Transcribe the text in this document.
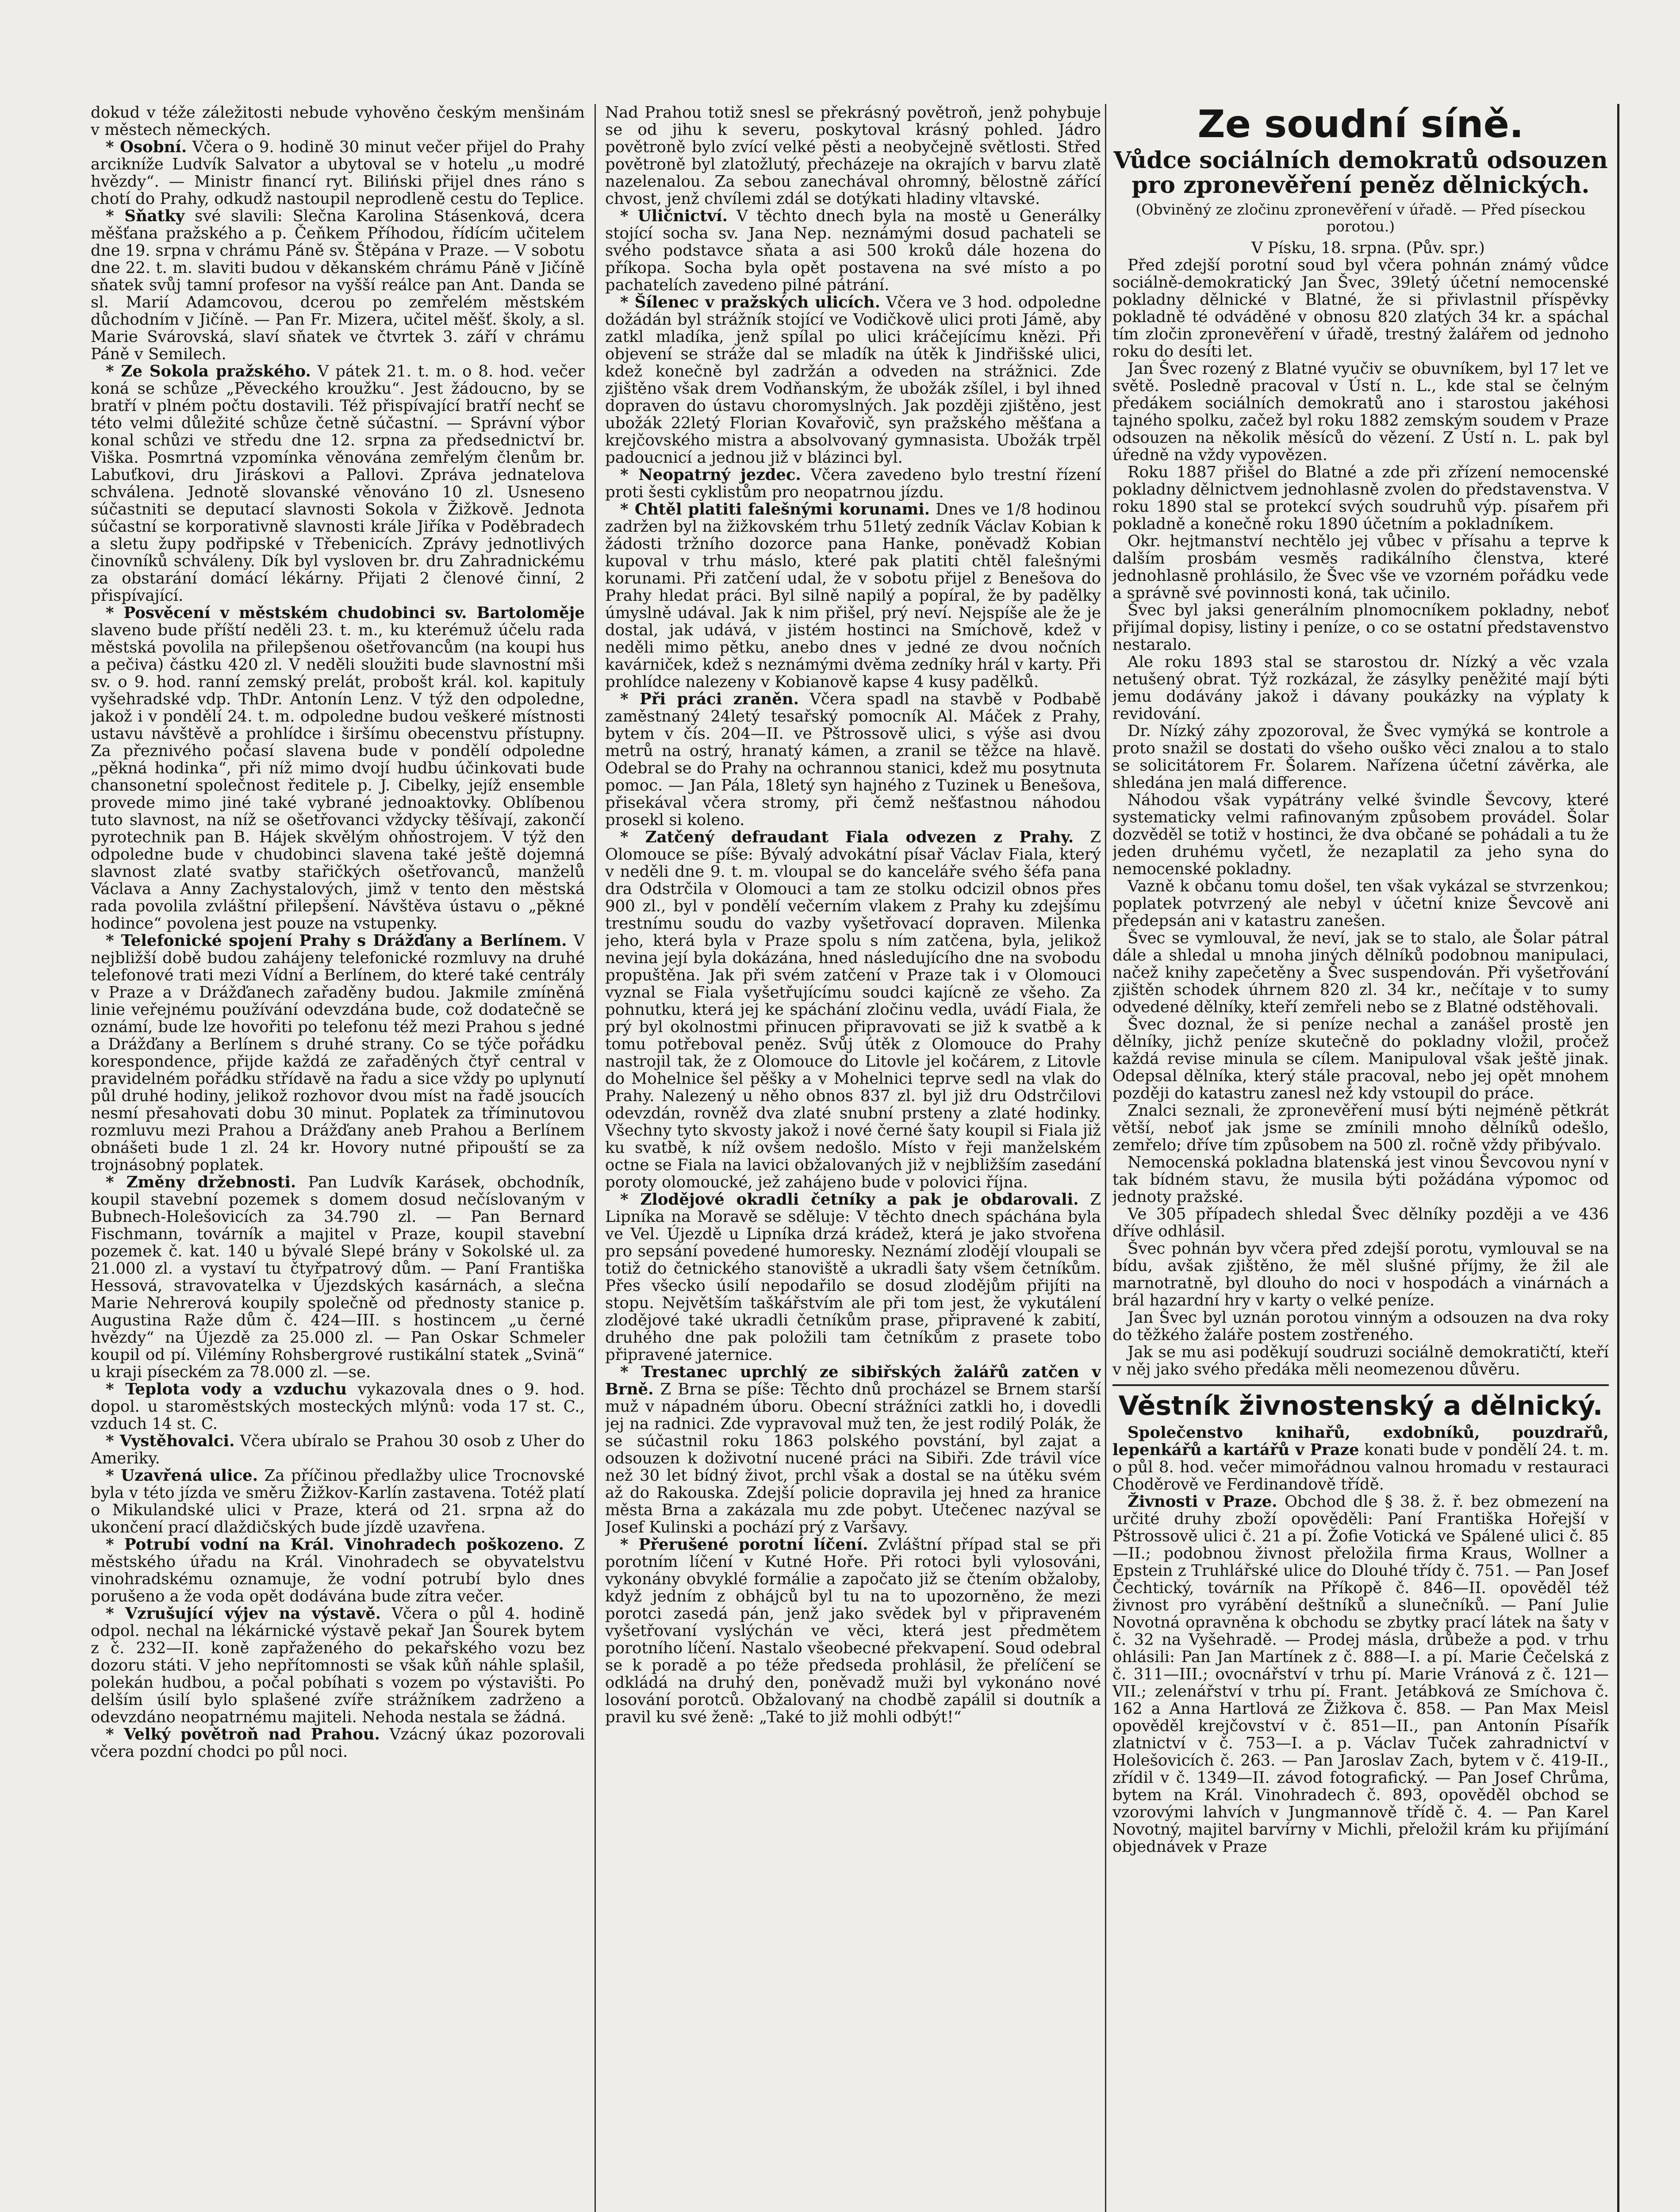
dokud v téže záležitosti nebude vyhověno českým menšinám v městech německých.

* Osobní. Včera o 9. hodině 30 minut večer přijel do Prahy arcikníže Ludvík Salvator a ubytoval se v hotelu „u modré hvězdy“. — Ministr financí ryt. Biliński přijel dnes ráno s chotí do Prahy, odkudž nastoupil neprodleně cestu do Teplice.

* Sňatky své slavili: Slečna Karolina Stásenková, dcera měšťana pražského a p. Čeňkem Příhodou, řídícím učitelem dne 19. srpna v chrámu Páně sv. Štěpána v Praze. — V sobotu dne 22. t. m. slaviti budou v děkanském chrámu Páně v Jičíně sňatek svůj tamní profesor na vyšší reálce pan Ant. Danda se sl. Marií Adamcovou, dcerou po zemřelém městském důchodním v Jičíně. — Pan Fr. Mizera, učitel měšť. školy, a sl. Marie Svárovská, slaví sňatek ve čtvrtek 3. září v chrámu Páně v Semilech.

* Ze Sokola pražského. V pátek 21. t. m. o 8. hod. večer koná se schůze „Pěveckého kroužku“. Jest žádoucno, by se bratří v plném počtu dostavili. Též přispívající bratří nechť se této velmi důležité schůze četně súčastní. — Správní výbor konal schůzi ve středu dne 12. srpna za předsednictví br. Viška. Posmrtná vzpomínka věnována zemřelým členům br. Labuťkovi, dru Jiráskovi a Pallovi. Zpráva jednatelova schválena. Jednotě slovanské věnováno 10 zl. Usneseno súčastniti se deputací slavnosti Sokola v Žižkově. Jednota súčastní se korporativně slavnosti krále Jiříka v Poděbradech a sletu župy podřipské v Třebenicích. Zprávy jednotlivých činovníků schváleny. Dík byl vysloven br. dru Zahradnickému za obstarání domácí lékárny. Přijati 2 členové činní, 2 přispívající.

* Posvěcení v městském chudobinci sv. Bartoloměje slaveno bude příští neděli 23. t. m., ku kterémuž účelu rada městská povolila na přilepšenou ošetřovancům (na koupi hus a pečiva) částku 420 zl. V neděli sloužiti bude slavnostní mši sv. o 9. hod. ranní zemský prelát, probošt král. kol. kapituly vyšehradské vdp. ThDr. Antonín Lenz. V týž den odpoledne, jakož i v pondělí 24. t. m. odpoledne budou veškeré místnosti ustavu návštěvě a prohlídce i širšímu obecenstvu přístupny. Za přeznivého počasí slavena bude v pondělí odpoledne „pěkná hodinka“, při níž mimo dvojí hudbu účinkovati bude chansonetní společnost ředitele p. J. Cibelky, jejíž ensemble provede mimo jiné také vybrané jednoaktovky. Oblíbenou tuto slavnost, na níž se ošetřovanci vždycky těšívají, zakončí pyrotechnik pan B. Hájek skvělým ohňostrojem. V týž den odpoledne bude v chudobinci slavena také ještě dojemná slavnost zlaté svatby stařičkých ošetřovanců, manželů Václava a Anny Zachystalových, jimž v tento den městská rada povolila zvláštní přilepšení. Návštěva ústavu o „pěkné hodince“ povolena jest pouze na vstupenky.

* Telefonické spojení Prahy s Drážďany a Berlínem. V nejbližší době budou zahájeny telefonické rozmluvy na druhé telefonové trati mezi Vídní a Berlínem, do které také centrály v Praze a v Drážďanech zařaděny budou. Jakmile zmíněná linie veřejnému používání odevzdána bude, což dodatečně se oznámí, bude lze hovořiti po telefonu též mezi Prahou s jedné a Drážďany a Berlínem s druhé strany. Co se týče pořádku korespondence, přijde každá ze zařaděných čtyř central v pravidelném pořádku střídavě na řadu a sice vždy po uplynutí půl druhé hodiny, jelikož rozhovor dvou míst na řadě jsoucích nesmí přesahovati dobu 30 minut. Poplatek za tříminutovou rozmluvu mezi Prahou a Drážďany aneb Prahou a Berlínem obnášeti bude 1 zl. 24 kr. Hovory nutné připouští se za trojnásobný poplatek.

* Změny držebnosti. Pan Ludvík Karásek, obchodník, koupil stavební pozemek s domem dosud nečíslovaným v Bubnech-Holešovicích za 34.790 zl. — Pan Bernard Fischmann, továrník a majitel v Praze, koupil stavební pozemek č. kat. 140 u bývalé Slepé brány v Sokolské ul. za 21.000 zl. a vystaví tu čtyřpatrový dům. — Paní Františka Hessová, stravovatelka v Újezdských kasárnách, a slečna Marie Nehrerová koupily společně od přednosty stanice p. Augustina Raže dům č. 424—III. s hostincem „u černé hvězdy“ na Újezdě za 25.000 zl. — Pan Oskar Schmeler koupil od pí. Vilémíny Rohsbergrové rustikální statek „Svinä“ u kraji píseckém za 78.000 zl. —se.

* Teplota vody a vzduchu vykazovala dnes o 9. hod. dopol. u staroměstských mosteckých mlýnů: voda 17 st. C., vzduch 14 st. C.

* Vystěhovalci. Včera ubíralo se Prahou 30 osob z Uher do Ameriky.

* Uzavřená ulice. Za příčinou předlažby ulice Trocnovské byla v této jízda ve směru Žižkov-Karlín zastavena. Totéž platí o Mikulandské ulici v Praze, která od 21. srpna až do ukončení prací dlaždičských bude jízdě uzavřena.

* Potrubí vodní na Král. Vinohradech poškozeno. Z městského úřadu na Král. Vinohradech se obyvatelstvu vinohradskému oznamuje, že vodní potrubí bylo dnes porušeno a že voda opět dodávána bude zítra večer.

* Vzrušující výjev na výstavě. Včera o půl 4. hodině odpol. nechal na lékárnické výstavě pekař Jan Šourek bytem z č. 232—II. koně zapřaženého do pekařského vozu bez dozoru státi. V jeho nepřítomnosti se však kůň náhle splašil, polekán hudbou, a počal pobíhati s vozem po výstavišti. Po delším úsilí bylo splašené zvíře strážníkem zadrženo a odevzdáno neopatrnému majiteli. Nehoda nestala se žádná.

* Velký povětroň nad Prahou. Vzácný úkaz pozorovali včera pozdní chodci po půl noci.

Nad Prahou totiž snesl se překrásný povětroň, jenž pohybuje se od jihu k severu, poskytoval krásný pohled. Jádro povětroně bylo zvící velké pěsti a neobyčejně světlosti. Střed povětroně byl zlatožlutý, přecházeje na okrajích v barvu zlatě nazelenalou. Za sebou zanechával ohromný, bělostně zářící chvost, jenž chvílemi zdál se dotýkati hladiny vltavské.

* Uličnictví. V těchto dnech byla na mostě u Generálky stojící socha sv. Jana Nep. neznámými dosud pachateli se svého podstavce sňata a asi 500 kroků dále hozena do příkopa. Socha byla opět postavena na své místo a po pachatelích zavedeno pilné pátrání.

* Šílenec v pražských ulicích. Včera ve 3 hod. odpoledne dožádán byl strážník stojící ve Vodičkově ulici proti Jámě, aby zatkl mladíka, jenž spílal po ulici kráčejícímu knězi. Při objevení se stráže dal se mladík na útěk k Jindřišské ulici, kdež konečně byl zadržán a odveden na strážnici. Zde zjištěno však drem Vodňanským, že ubožák zšílel, i byl ihned dopraven do ústavu choromyslných. Jak později zjištěno, jest ubožák 22letý Florian Kovařovič, syn pražského měšťana a krejčovského mistra a absolvovaný gymnasista. Ubožák trpěl padoucnicí a jednou již v blázinci byl.

* Neopatrný jezdec. Včera zavedeno bylo trestní řízení proti šesti cyklistům pro neopatrnou jízdu.

* Chtěl platiti falešnými korunami. Dnes ve 1/8 hodinou zadržen byl na žižkovském trhu 51letý zedník Václav Kobian k žádosti tržního dozorce pana Hanke, poněvadž Kobian kupoval v trhu máslo, které pak platiti chtěl falešnými korunami. Při zatčení udal, že v sobotu přijel z Benešova do Prahy hledat práci. Byl silně napilý a popíral, že by padělky úmyslně udával. Jak k nim přišel, prý neví. Nejspíše ale že je dostal, jak udává, v jistém hostinci na Smíchově, kdež v neděli mimo pětku, anebo dnes v jedné ze dvou nočních kavárniček, kdež s neznámými dvěma zedníky hrál v karty. Při prohlídce nalezeny v Kobianově kapse 4 kusy padělků.

* Při práci zraněn. Včera spadl na stavbě v Podbabě zaměstnaný 24letý tesařský pomocník Al. Máček z Prahy, bytem v čís. 204—II. ve Pštrossově ulici, s výše asi dvou metrů na ostrý, hranatý kámen, a zranil se těžce na hlavě. Odebral se do Prahy na ochrannou stanici, kdež mu posytnuta pomoc. — Jan Pála, 18letý syn hajného z Tuzinek u Benešova, přisekával včera stromy, při čemž nešťastnou náhodou prosekl si koleno.

* Zatčený defraudant Fiala odvezen z Prahy. Z Olomouce se píše: Bývalý advokátní písař Václav Fiala, který v neděli dne 9. t. m. vloupal se do kanceláře svého šéfa pana dra Odstrčila v Olomouci a tam ze stolku odcizil obnos přes 900 zl., byl v pondělí večerním vlakem z Prahy ku zdejšímu trestnímu soudu do vazby vyšetřovací dopraven. Milenka jeho, která byla v Praze spolu s ním zatčena, byla, jelikož nevina její byla dokázána, hned následujícího dne na svobodu propuštěna. Jak při svém zatčení v Praze tak i v Olomouci vyznal se Fiala vyšetřujícímu soudci kajícně ze všeho. Za pohnutku, která jej ke spáchání zločinu vedla, uvádí Fiala, že prý byl okolnostmi přinucen připravovati se již k svatbě a k tomu potřeboval peněz. Svůj útěk z Olomouce do Prahy nastrojil tak, že z Olomouce do Litovle jel kočárem, z Litovle do Mohelnice šel pěšky a v Mohelnici teprve sedl na vlak do Prahy. Nalezený u něho obnos 837 zl. byl již dru Odstrčilovi odevzdán, rovněž dva zlaté snubní prsteny a zlaté hodinky. Všechny tyto skvosty jakož i nové černé šaty koupil si Fiala již ku svatbě, k níž ovšem nedošlo. Místo v řeji manželském octne se Fiala na lavici obžalovaných již v nejbližším zasedání poroty olomoucké, jež zahájeno bude v polovici října.

* Zlodějové okradli četníky a pak je obdarovali. Z Lipníka na Moravě se sděluje: V těchto dnech spáchána byla ve Vel. Újezdě u Lipníka drzá krádež, která je jako stvořena pro sepsání povedené humoresky. Neznámí zlodějí vloupali se totiž do četnického stanoviště a ukradli šaty všem četníkům. Přes všecko úsilí nepodařilo se dosud zlodějům přijíti na stopu. Největším taškářstvím ale při tom jest, že vykutálení zlodějové také ukradli četníkům prase, připravené k zabití, druhého dne pak položili tam četníkům z prasete tobo připravené jaternice.

* Trestanec uprchlý ze sibiřských žalářů zatčen v Brně. Z Brna se píše: Těchto dnů procházel se Brnem starší muž v nápadném úboru. Obecní strážníci zatkli ho, i dovedli jej na radnici. Zde vypravoval muž ten, že jest rodilý Polák, že se súčastnil roku 1863 polského povstání, byl zajat a odsouzen k doživotní nucené práci na Sibiři. Zde trávil více než 30 let bídný život, prchl však a dostal se na útěku svém až do Rakouska. Zdejší policie dopravila jej hned za hranice města Brna a zakázala mu zde pobyt. Utečenec nazýval se Josef Kulinski a pochází prý z Varšavy.

* Přerušené porotní líčení. Zvláštní případ stal se při porotním líčení v Kutné Hoře. Při rotoci byli vylosováni, vykonány obvyklé formálie a započato již se čtením obžaloby, když jedním z obhájců byl tu na to upozorněno, že mezi porotci zasedá pán, jenž jako svědek byl v připraveném vyšetřovaní vyslýchán ve věci, která jest předmětem porotního líčení. Nastalo všeobecné překvapení. Soud odebral se k poradě a po téže předseda prohlásil, že přelíčení se odkládá na druhý den, poněvadž muži byl vykonáno nové losování porotců. Obžalovaný na chodbě zapálil si doutník a pravil ku své ženě: „Také to již mohli odbýt!“

Ze soudní síně.
Vůdce sociálních demokratů odsouzen pro zpronevěření peněz dělnických.
(Obviněný ze zločinu zpronevěření v úřadě. — Před píseckou porotou.)

V Písku, 18. srpna. (Pův. spr.)

Před zdejší porotní soud byl včera pohnán známý vůdce sociálně-demokratický Jan Švec, 39letý účetní nemocenské pokladny dělnické v Blatné, že si přivlastnil příspěvky pokladně té odváděné v obnosu 820 zlatých 34 kr. a spáchal tím zločin zpronevěření v úřadě, trestný žalářem od jednoho roku do desíti let.

Jan Švec rozený z Blatné vyučiv se obuvníkem, byl 17 let ve světě. Posledně pracoval v Ústí n. L., kde stal se čelným předákem sociálních demokratů ano i starostou jakéhosi tajného spolku, začež byl roku 1882 zemským soudem v Praze odsouzen na několik měsíců do vězení. Z Ústí n. L. pak byl úředně na vždy vypovězen.

Roku 1887 přišel do Blatné a zde při zřízení nemocenské pokladny dělnictvem jednohlasně zvolen do představenstva. V roku 1890 stal se protekcí svých soudruhů výp. písařem při pokladně a konečně roku 1890 účetním a pokladníkem.

Okr. hejtmanství nechtělo jej vůbec v přísahu a teprve k dalším prosbám vesměs radikálního členstva, které jednohlasně prohlásilo, že Švec vše ve vzorném pořádku vede a správně své povinnosti koná, tak učinilo.

Švec byl jaksi generálním plnomocníkem pokladny, neboť přijímal dopisy, listiny i peníze, o co se ostatní představenstvo nestaralo.

Ale roku 1893 stal se starostou dr. Nízký a věc vzala netušený obrat. Týž rozkázal, že zásylky peněžité mají býti jemu dodávány jakož i dávany poukázky na výplaty k revidování.

Dr. Nízký záhy zpozoroval, že Švec vymýká se kontrole a proto snažil se dostati do všeho ouško věci znalou a to stalo se solicitátorem Fr. Šolarem. Nařízena účetní závěrka, ale shledána jen malá difference.

Náhodou však vypátrány velké švindle Ševcovy, které systematicky velmi rafinovaným způsobem provádel. Šolar dozvěděl se totiž v hostinci, že dva občané se pohádali a tu že jeden druhému vyčetl, že nezaplatil za jeho syna do nemocenské pokladny.

Vazně k občanu tomu došel, ten však vykázal se stvrzenkou; poplatek potvrzený ale nebyl v účetní knize Ševcově ani předepsán ani v katastru zanešen.

Švec se vymlouval, že neví, jak se to stalo, ale Šolar pátral dále a shledal u mnoha jiných dělníků podobnou manipulaci, načež knihy zapečetěny a Švec suspendován. Při vyšetřování zjištěn schodek úhrnem 820 zl. 34 kr., nečítaje v to sumy odvedené dělníky, kteří zemřeli nebo se z Blatné odstěhovali.

Švec doznal, že si peníze nechal a zanášel prostě jen dělníky, jichž peníze skutečně do pokladny vložil, pročež každá revise minula se cílem. Manipuloval však ještě jinak. Odepsal dělníka, který stále pracoval, nebo jej opět mnohem později do katastru zanesl než kdy vstoupil do práce.

Znalci seznali, že zpronevěření musí býti nejméně pětkrát větší, neboť jak jsme se zmínili mnoho dělníků odešlo, zemřelo; dříve tím způsobem na 500 zl. ročně vždy přibývalo.

Nemocenská pokladna blatenská jest vinou Ševcovou nyní v tak bídném stavu, že musila býti požádána výpomoc od jednoty pražské.

Ve 305 případech shledal Švec dělníky později a ve 436 dříve odhlásil.

Švec pohnán byv včera před zdejší porotu, vymlouval se na bídu, avšak zjištěno, že měl slušné příjmy, že žil ale marnotratně, byl dlouho do noci v hospodách a vinárnách a brál hazardní hry v karty o velké peníze.

Jan Švec byl uznán porotou vinným a odsouzen na dva roky do těžkého žaláře postem zostřeného.

Jak se mu asi poděkují soudruzi sociálně demokratičtí, kteří v něj jako svého předáka měli neomezenou důvěru.

Věstník živnostenský a dělnický.

Společenstvo knihařů, exdobníků, pouzdrařů, lepenkářů a kartářů v Praze konati bude v pondělí 24. t. m. o půl 8. hod. večer mimořádnou valnou hromadu v restauraci Choděrově ve Ferdinandově třídě.

Živnosti v Praze. Obchod dle § 38. ž. ř. bez obmezení na určité druhy zboží opověděli: Paní Františka Hořejší v Pštrossově ulici č. 21 a pí. Žofie Votická ve Spálené ulici č. 85—II.; podobnou živnost přeložila firma Kraus, Wollner a Epstein z Truhlářské ulice do Dlouhé třídy č. 751. — Pan Josef Čechtický, továrník na Příkopě č. 846—II. opověděl též živnost pro vyrábění deštníků a slunečníků. — Paní Julie Novotná opravněna k obchodu se zbytky prací látek na šaty v č. 32 na Vyšehradě. — Prodej másla, drůbeže a pod. v trhu ohlásili: Pan Jan Martínek z č. 888—I. a pí. Marie Čečelská z č. 311—III.; ovocnářství v trhu pí. Marie Vránová z č. 121—VII.; zelenářství v trhu pí. Frant. Jetábková ze Smíchova č. 162 a Anna Hartlová ze Žižkova č. 858. — Pan Max Meisl opověděl krejčovství v č. 851—II., pan Antonín Písařík zlatnictví v č. 753—I. a p. Václav Tuček zahradnictví v Holešovicích č. 263. — Pan Jaroslav Zach, bytem v č. 419-II., zřídil v č. 1349—II. závod fotografický. — Pan Josef Chrůma, bytem na Král. Vinohradech č. 893, opověděl obchod se vzorovými lahvích v Jungmannově třídě č. 4. — Pan Karel Novotný, majitel barvírny v Michli, přeložil krám ku přijímání objednávek v Praze
